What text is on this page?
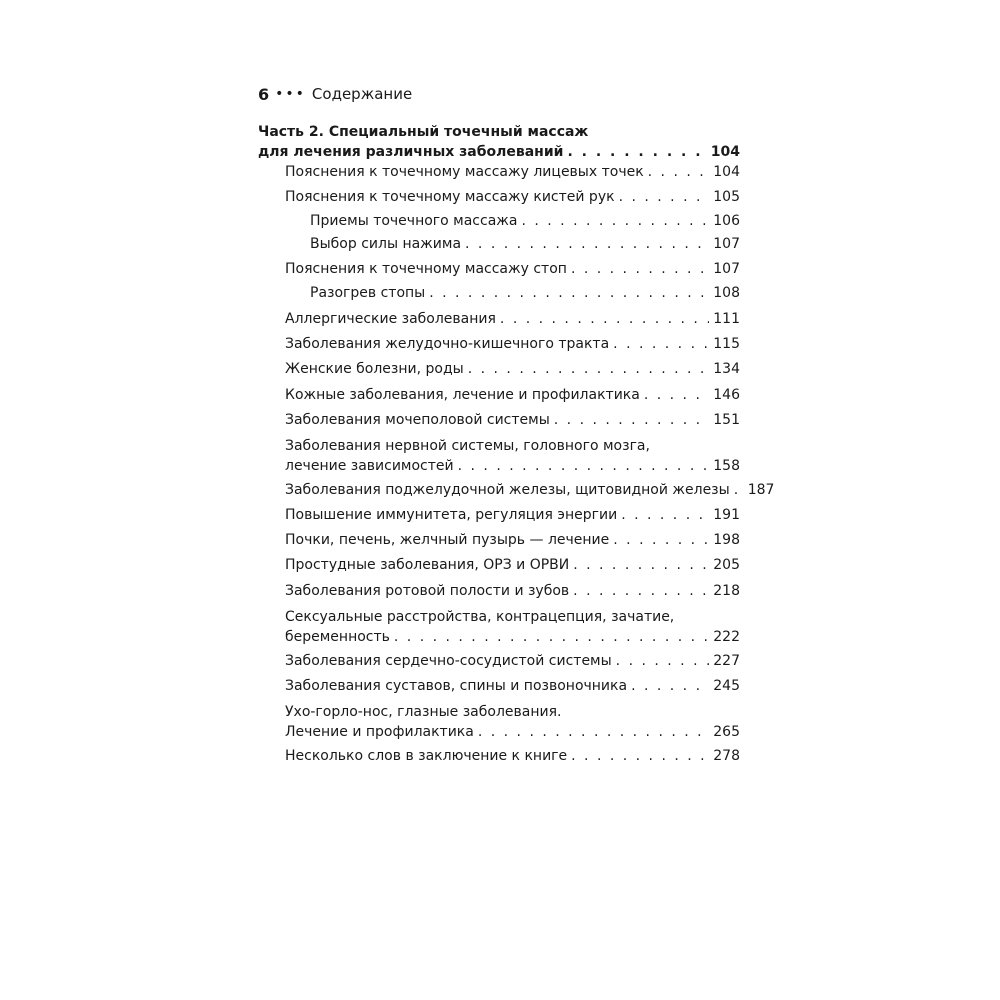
6 ••• Содержание
Часть 2. Специальный точечный массаж
для лечения различных заболеваний . . .	104
Пояснения к точечному массажу лицевых точек . . .	104
Пояснения к точечному массажу кистей рук . . .	105
Приемы точечного массажа . . .	106
Выбор силы нажима . . .	107
Пояснения к точечному массажу стоп . . .	107
Разогрев стопы . . .	108
Аллергические заболевания . . .	111
Заболевания желудочно-кишечного тракта . . .	115
Женские болезни, роды . . .	134
Кожные заболевания, лечение и профилактика . . .	146
Заболевания мочеполовой системы . . .	151
Заболевания нервной системы, головного мозга,
лечение зависимостей . . .	158
Заболевания поджелудочной железы, щитовидной железы . . . 187
Повышение иммунитета, регуляция энергии . . .	191
Почки, печень, желчный пузырь — лечение . . .	198
Простудные заболевания, ОРЗ и ОРВИ . . .	205
Заболевания ротовой полости и зубов . . .	218
Сексуальные расстройства, контрацепция, зачатие,
беременность . . .	222
Заболевания сердечно-сосудистой системы . . .	227
Заболевания суставов, спины и позвоночника . . .	245
Ухо-горло-нос, глазные заболевания.
Лечение и профилактика . . .	265
Несколько слов в заключение к книге . . .	278
